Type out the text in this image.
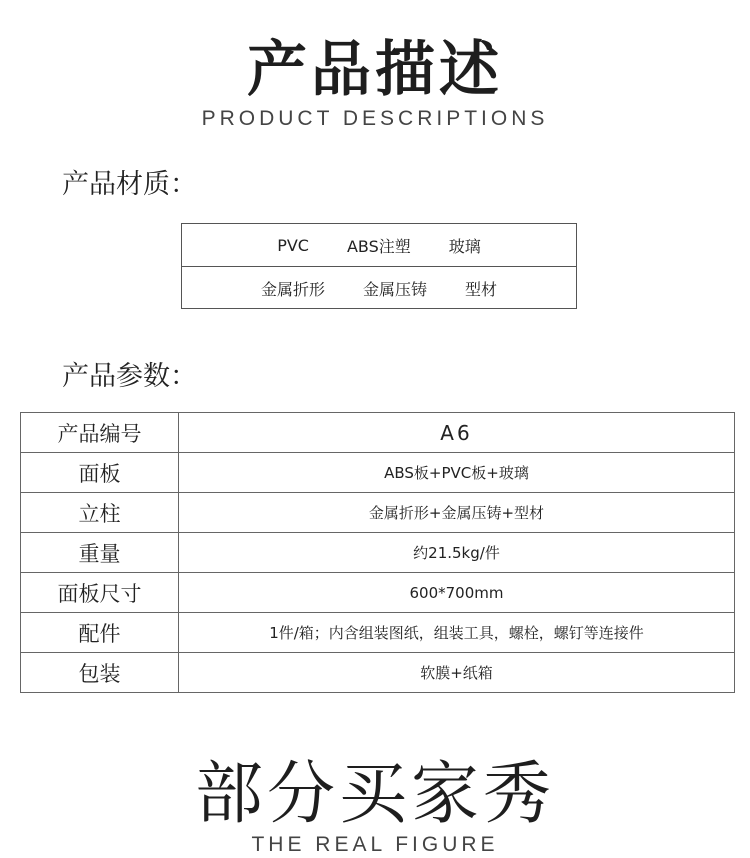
产品描述
PRODUCT DESCRIPTIONS
产品材质：
PVC ABS注塑 玻璃
金属折形 金属压铸 型材
产品参数：
产品编号	A6
面板	ABS板+PVC板+玻璃
立柱	金属折形+金属压铸+型材
重量	约21.5kg/件
面板尺寸	600*700mm
配件	1件/箱；内含组装图纸，组装工具，螺栓，螺钉等连接件
包装	软膜+纸箱
部分买家秀
THE REAL FIGURE
